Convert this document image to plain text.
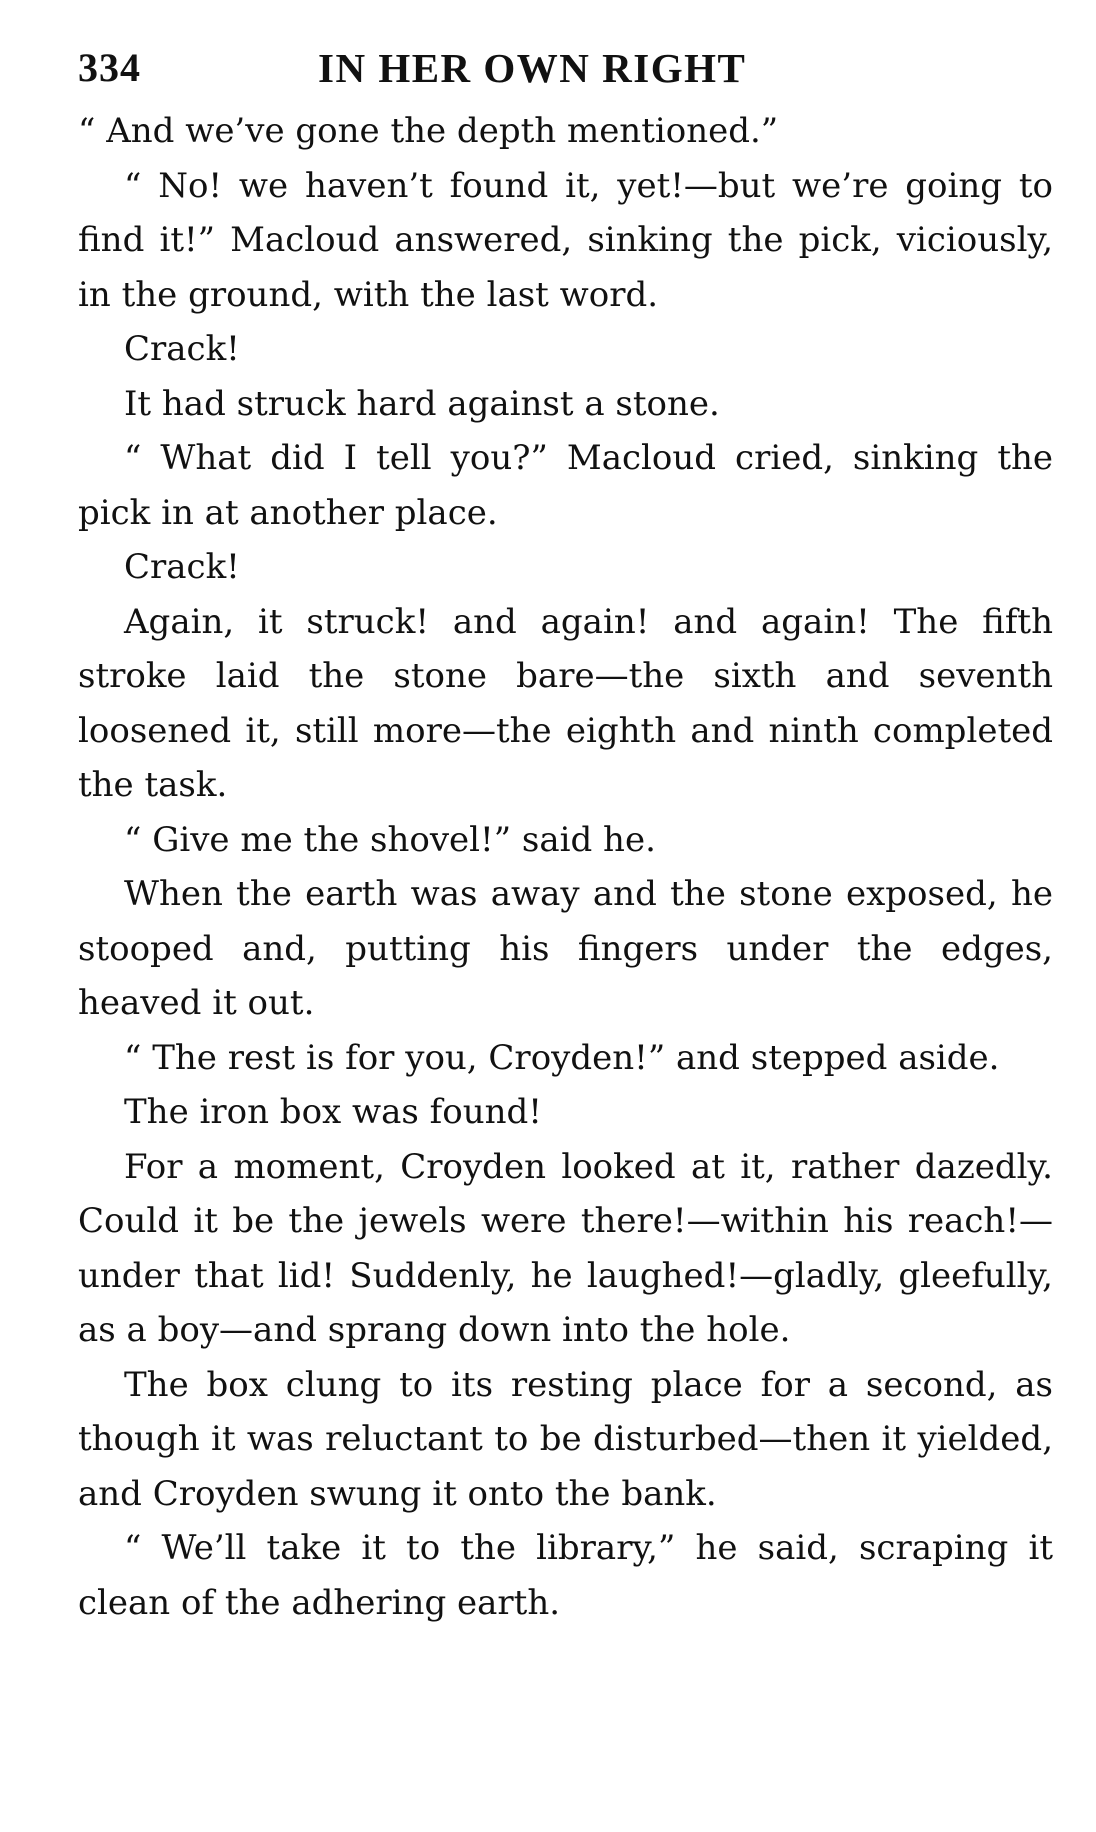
334	IN HER OWN RIGHT

“ And we’ve gone the depth mentioned.”

“ No! we haven’t found it, yet!—but we’re going to find it!” Macloud answered, sinking the pick, viciously, in the ground, with the last word.

Crack!

It had struck hard against a stone.

“ What did I tell you?” Macloud cried, sinking the pick in at another place.

Crack!

Again, it struck! and again! and again! The fifth stroke laid the stone bare—the sixth and seventh loosened it, still more—the eighth and ninth completed the task.

“ Give me the shovel!” said he.

When the earth was away and the stone exposed, he stooped and, putting his fingers under the edges, heaved it out.

“ The rest is for you, Croyden!” and stepped aside.

The iron box was found!

For a moment, Croyden looked at it, rather dazedly. Could it be the jewels were there!—within his reach!—under that lid! Suddenly, he laughed!—gladly, gleefully, as a boy—and sprang down into the hole.

The box clung to its resting place for a second, as though it was reluctant to be disturbed—then it yielded, and Croyden swung it onto the bank.

“ We’ll take it to the library,” he said, scraping it clean of the adhering earth.
